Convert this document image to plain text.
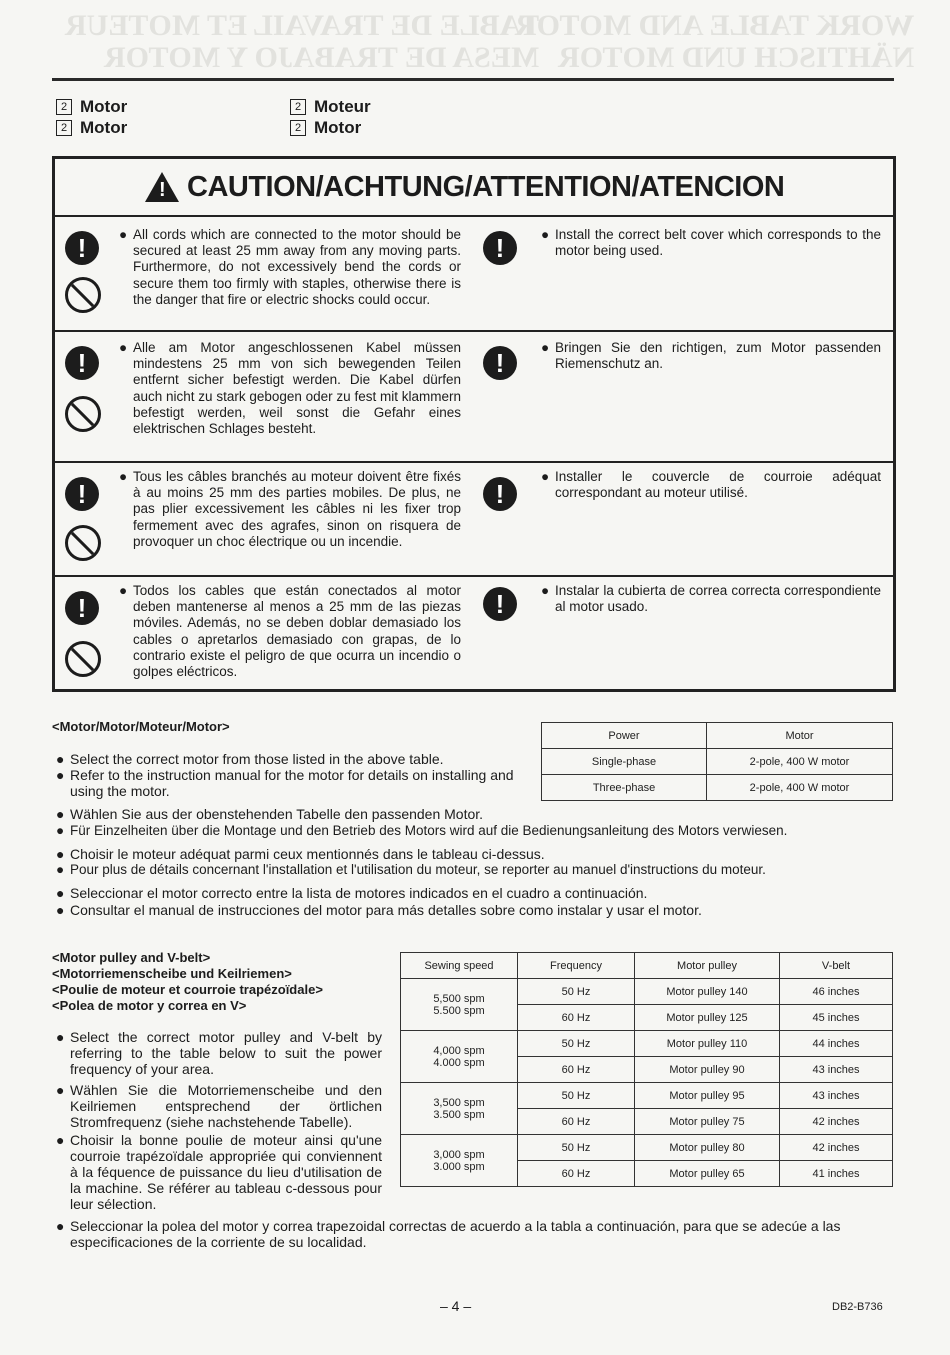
TABLE DE TRAVAIL ET MOTEUR
MESA DE TRABAJO Y MOTOR
WORK TABLE AND MOTOR
NÄHTISCH UND MOTOR
2 Motor
2 Motor
2 Moteur
2 Motor
! CAUTION/ACHTUNG/ATTENTION/ATENCION
!	● All cords which are connected to the motor should be secured at least 25 mm away from any moving parts. Furthermore, do not excessively bend the cords or secure them too firmly with staples, otherwise there is the danger that fire or electric shocks could occur.
!	● Install the correct belt cover which corresponds to the motor being used.
!
● Alle am Motor angeschlossenen Kabel müssen mindestens 25 mm von sich bewegenden Teilen entfernt sicher befestigt werden. Die Kabel dürfen auch nicht zu stark gebogen oder zu fest mit klammern befestigt werden, weil sonst die Gefahr eines elektrischen Schlages besteht.
!
● Bringen Sie den richtigen, zum Motor passenden Riemenschutz an.
!
● Tous les câbles branchés au moteur doivent être fixés à au moins 25 mm des parties mobiles. De plus, ne pas plier excessivement les câbles ni les fixer trop fermement avec des agrafes, sinon on risquera de provoquer un choc électrique ou un incendie.
!
● Installer le couvercle de courroie adéquat correspondant au moteur utilisé.
!
● Todos los cables que están conectados al motor deben mantenerse al menos a 25 mm de las piezas móviles. Además, no se deben doblar demasiado los cables o apretarlos demasiado con grapas, de lo contrario existe el peligro de que ocurra un incendio o golpes eléctricos.
!	● Instalar la cubierta de correa correcta correspondiente al motor usado.
<Motor/Motor/Moteur/Motor>
Power	Motor
Single-phase	2-pole, 400 W motor
Three-phase	2-pole, 400 W motor
● Select the correct motor from those listed in the above table.
● Refer to the instruction manual for the motor for details on installing and using the motor.
● Wählen Sie aus der obenstehenden Tabelle den passenden Motor.
● Für Einzelheiten über die Montage und den Betrieb des Motors wird auf die Bedienungsanleitung des Motors verwiesen.
● Choisir le moteur adéquat parmi ceux mentionnés dans le tableau ci-dessus.
● Pour plus de détails concernant l'installation et l'utilisation du moteur, se reporter au manuel d'instructions du moteur.
● Seleccionar el motor correcto entre la lista de motores indicados en el cuadro a continuación.
● Consultar el manual de instrucciones del motor para más detalles sobre como instalar y usar el motor.
<Motor pulley and V-belt>
<Motorriemenscheibe und Keilriemen>
<Poulie de moteur et courroie trapézoïdale>
<Polea de motor y correa en V>
● Select the correct motor pulley and V-belt by referring to the table below to suit the power frequency of your area.
● Wählen Sie die Motorriemenscheibe und den Keilriemen entsprechend der örtlichen Stromfrequenz (siehe nachstehende Tabelle).
● Choisir la bonne poulie de moteur ainsi qu'une courroie trapézoïdale appropriée qui conviennent à la féquence de puissance du lieu d'utilisation de la machine. Se référer au tableau c-dessous pour leur sélection.
● Seleccionar la polea del motor y correa trapezoidal correctas de acuerdo a la tabla a continuación, para que se adecúe a las especificaciones de la corriente de su localidad.
Sewing speed	Frequency	Motor pulley	V-belt

5,500 spm
5.500 spm	50 Hz	Motor pulley 140	46 inches
	60 Hz	Motor pulley 125	45 inches

4,000 spm
4.000 spm	50 Hz	Motor pulley 110	44 inches
	60 Hz	Motor pulley 90	43 inches

3,500 spm
3.500 spm	50 Hz	Motor pulley 95	43 inches
	60 Hz	Motor pulley 75	42 inches

3,000 spm
3.000 spm	50 Hz	Motor pulley 80	42 inches
	60 Hz	Motor pulley 65	41 inches
– 4 –	DB2-B736
